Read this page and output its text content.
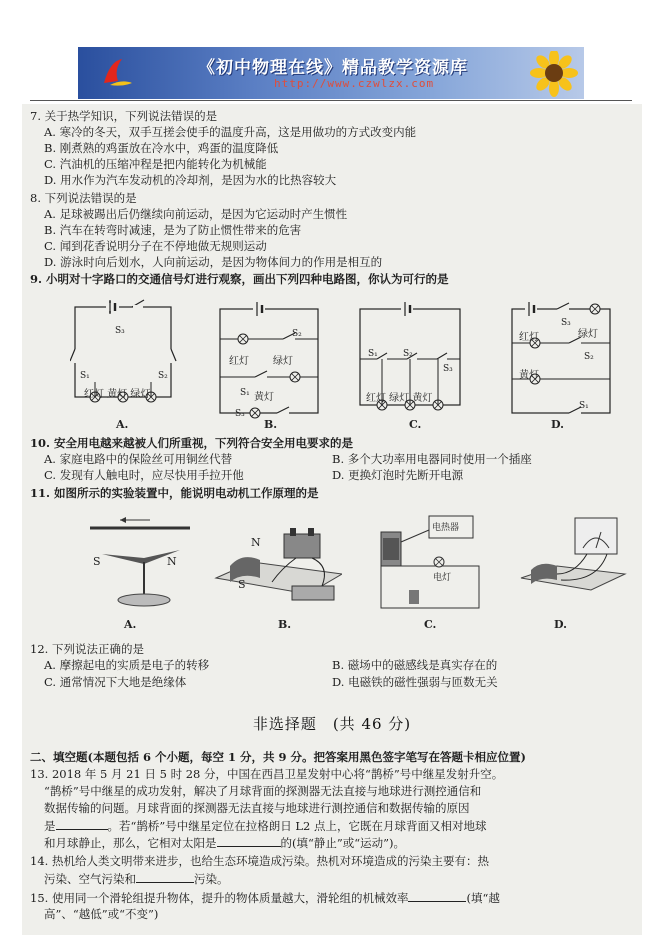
《初中物理在线》精品教学资源库
http://www.czwlzx.com
7. 关于热学知识，下列说法错误的是
A. 寒冷的冬天，双手互搓会使手的温度升高，这是用做功的方式改变内能
B. 刚煮熟的鸡蛋放在冷水中，鸡蛋的温度降低
C. 汽油机的压缩冲程是把内能转化为机械能
D. 用水作为汽车发动机的冷却剂，是因为水的比热容较大
8. 下列说法错误的是
A. 足球被踢出后仍继续向前运动，是因为它运动时产生惯性
B. 汽车在转弯时减速，是为了防止惯性带来的危害
C. 闻到花香说明分子在不停地做无规则运动
D. 游泳时向后划水，人向前运动，是因为物体间力的作用是相互的
9. 小明对十字路口的交通信号灯进行观察，画出下列四种电路图，你认为可行的是
S₃
S₁	S₂
红灯 黄灯 绿灯
A.
S₂
红灯 绿灯
S₁ 黄灯
S₃
B.
S₁	S₂
S₃
红灯 绿灯 黄灯
C.
S₃
绿灯
红灯
S₂
黄灯
S₁
D.
10. 安全用电越来越被人们所重视，下列符合安全用电要求的是
A. 家庭电路中的保险丝可用铜丝代替	B. 多个大功率用电器同时使用一个插座
C. 发现有人触电时，应尽快用手拉开他	D. 更换灯泡时先断开电源
11. 如图所示的实验装置中，能说明电动机工作原理的是
S	N
A.
N
S
B.
电热器
电灯
C.	D.
12. 下列说法正确的是
A. 摩擦起电的实质是电子的转移	B. 磁场中的磁感线是真实存在的
C. 通常情况下大地是绝缘体	D. 电磁铁的磁性强弱与匝数无关
非选择题　(共 46 分)
二、填空题(本题包括 6 个小题，每空 1 分，共 9 分。把答案用黑色签字笔写在答题卡相应位置)
13. 2018 年 5 月 21 日 5 时 28 分，中国在西昌卫星发射中心将“鹊桥”号中继星发射升空。
“鹊桥”号中继星的成功发射，解决了月球背面的探测器无法直接与地球进行测控通信和
数据传输的问题。月球背面的探测器无法直接与地球进行测控通信和数据传输的原因
是	。若“鹊桥”号中继星定位在拉格朗日 L2 点上，它既在月球背面又相对地球
和月球静止，那么，它相对太阳是	的(填“静止”或“运动”)。
14. 热机给人类文明带来进步，也给生态环境造成污染。热机对环境造成的污染主要有：热
污染、空气污染和	污染。
15. 使用同一个滑轮组提升物体，提升的物体质量越大，滑轮组的机械效率	(填“越
高”、“越低”或“不变”)
